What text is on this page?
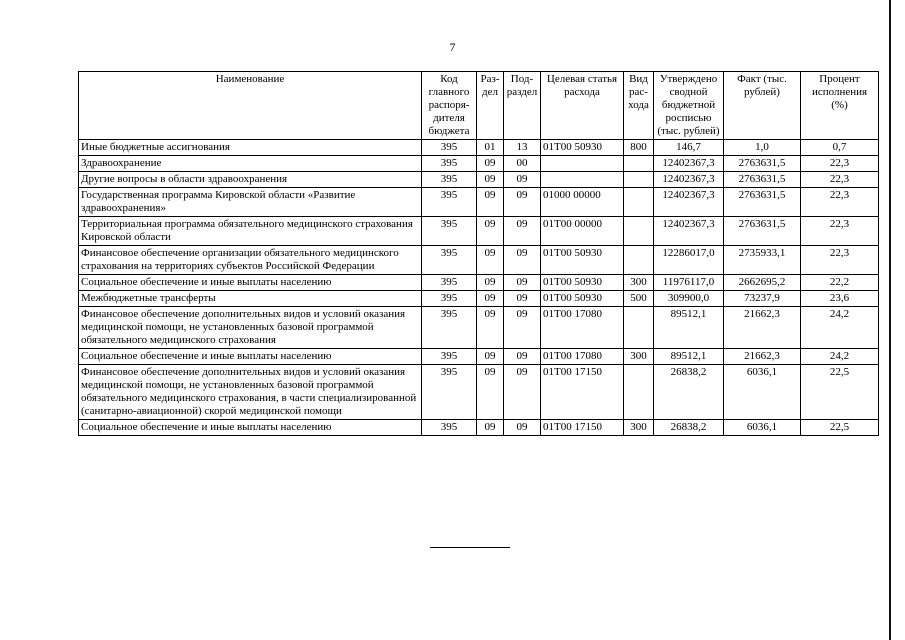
7
Наименование	Код главного распоря-дителя бюджета	Раз-дел	Под-раздел	Целевая статья расхода	Вид рас-хода	Утверждено сводной бюджетной росписью (тыс. рублей)	Факт (тыс. рублей)	Процент исполнения (%)
Иные бюджетные ассигнования	395	01	13	01Т00 50930	800	146,7	1,0	0,7
Здравоохранение	395	09	00			12402367,3	2763631,5	22,3
Другие вопросы в области здравоохранения	395	09	09			12402367,3	2763631,5	22,3
Государственная программа Кировской области «Развитие здравоохранения»	395	09	09	01000 00000		12402367,3	2763631,5	22,3
Территориальная программа обязательного медицинского страхования Кировской области	395	09	09	01Т00 00000		12402367,3	2763631,5	22,3
Финансовое обеспечение организации обязательного медицинского страхования на территориях субъектов Российской Федерации	395	09	09	01Т00 50930		12286017,0	2735933,1	22,3
Социальное обеспечение и иные выплаты населению	395	09	09	01Т00 50930	300	11976117,0	2662695,2	22,2
Межбюджетные трансферты	395	09	09	01Т00 50930	500	309900,0	73237,9	23,6
Финансовое обеспечение дополнительных видов и условий оказания медицинской помощи, не установленных базовой программой обязательного медицинского страхования	395	09	09	01Т00 17080		89512,1	21662,3	24,2
Социальное обеспечение и иные выплаты населению	395	09	09	01Т00 17080	300	89512,1	21662,3	24,2
Финансовое обеспечение дополнительных видов и условий оказания медицинской помощи, не установленных базовой программой обязательного медицинского страхования, в части специализированной (санитарно-авиационной) скорой медицинской помощи	395	09	09	01Т00 17150		26838,2	6036,1	22,5
Социальное обеспечение и иные выплаты населению	395	09	09	01Т00 17150	300	26838,2	6036,1	22,5
